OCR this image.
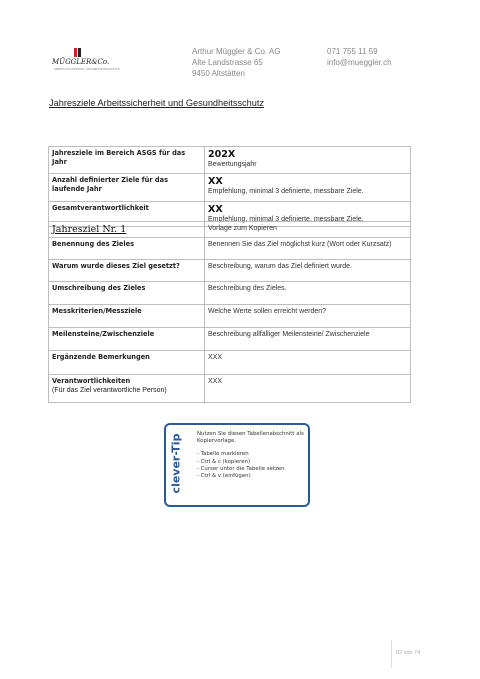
MÜGGLER&Co.
ARBEITSSICHERHEIT GESUNDHEITSSCHUTZ
Arthur Müggler & Co. AG
Alte Landstrasse 65
9450 Altstätten
071 755 11 59
info@mueggler.ch
Jahresziele Arbeitssicherheit und Gesundheitsschutz
Jahresziele im Bereich ASGS für das Jahr	202X
Bewertungsjahr

Anzahl definierter Ziele für das laufende Jahr	XX
Empfehlung, minimal 3 definierte, messbare Ziele.

Gesamtverantwortlichkeit	XX
Empfehlung, minimal 3 definierte, messbare Ziele.
Jahresziel Nr. 1	Vorlage zum Kopieren
Benennung des Zieles	Benennen Sie das Ziel möglichst kurz (Wort oder Kurzsatz)
Warum wurde dieses Ziel gesetzt?	Beschreibung, warum das Ziel definiert wurde.
Umschreibung des Zieles	Beschreibung des Zieles.
Messkriterien/Messziele	Welche Werte sollen erreicht werden?
Meilensteine/Zwischenziele	Beschreibung allfälliger Meilensteine/ Zwischenziele
Ergänzende Bemerkungen	XXX
Verantwortlichkeiten
(Für das Ziel verantwortliche Person)	XXX
clever-Tip	Nutzen Sie diesen Tabellenabschnitt als Kopiervorlage.
- Tabelle markieren
- Ctrl & c (kopieren)
- Curser unter die Tabelle setzen
- Ctrl & v (einfügen)
02 von 74
